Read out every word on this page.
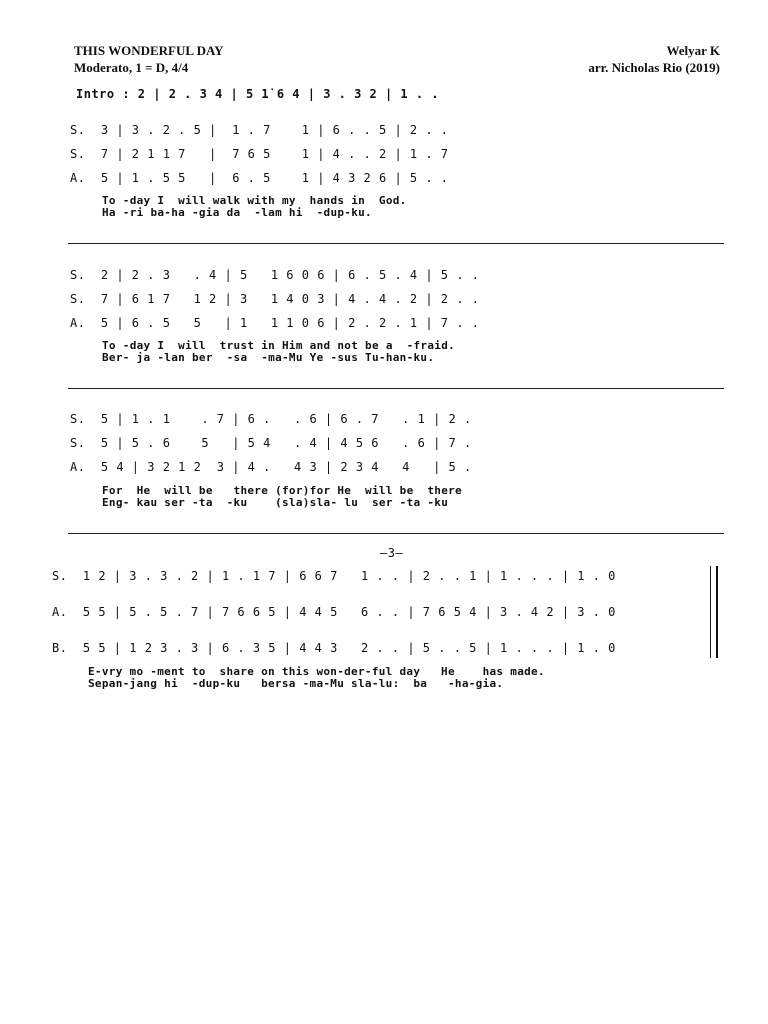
THIS WONDERFUL DAY
Moderato, 1 = D, 4/4
Welyar K
arr. Nicholas Rio (2019)
Intro : 2 | 2 . 3 4 | 5 1̇ 6 4 | 3 . 3 2 | 1 . .
S. 3 | 3 . 2 . 5 |  1 . 7    1 | 6 . . 5 | 2 . .
S. 7 | 2 1 1 7   |  7 6 5    1 | 4 . . 2 | 1 . 7
A. 5 | 1 . 5 5   |  6 . 5    1 | 4 3 2 6 | 5 . .
To -day I  will walk with my  hands in  God.
Ha -ri ba-ha -gia da  -lam hi  -dup-ku.
S. 2 | 2 . 3   . 4 | 5   1 6 0 6 | 6 . 5 . 4 | 5 . .
S. 7 | 6 1 7   1 2 | 3   1 4 0 3 | 4 . 4 . 2 | 2 . .
A. 5 | 6 . 5   5   | 1   1 1 0 6 | 2 . 2 . 1 | 7 . .
To -day I  will  trust in Him and not be a  -fraid.
Ber- ja -lan ber  -sa  -ma-Mu Ye -sus Tu-han-ku.
S. 5 | 1 . 1    . 7 | 6 .   . 6 | 6 . 7   . 1 | 2 .
S. 5 | 5 . 6    5   | 5 4   . 4 | 4 5 6   . 6 | 7 .
A. 5 4 | 3 2 1 2  3 | 4 .   4 3 | 2 3 4   4   | 5 .
For  He  will be   there (for)for He  will be  there
Eng- kau ser -ta  -ku    (sla)sla- lu  ser -ta -ku
—3—
S. 1 2 | 3 . 3 . 2 | 1 . 1 7 | 6 6 7   1 . . | 2 . . 1 | 1 . . . | 1 . 0
A. 5 5 | 5 . 5 . 7 | 7 6 6 5 | 4 4 5   6 . . | 7 6 5 4 | 3 . 4 2 | 3 . 0
B. 5 5 | 1 2 3 . 3 | 6 . 3 5 | 4 4 3   2 . . | 5 . . 5 | 1 . . . | 1 . 0
E-vry mo -ment to  share on this won-der-ful day   He    has made.
Sepan-jang hi  -dup-ku   bersa -ma-Mu sla-lu:  ba   -ha-gia.
